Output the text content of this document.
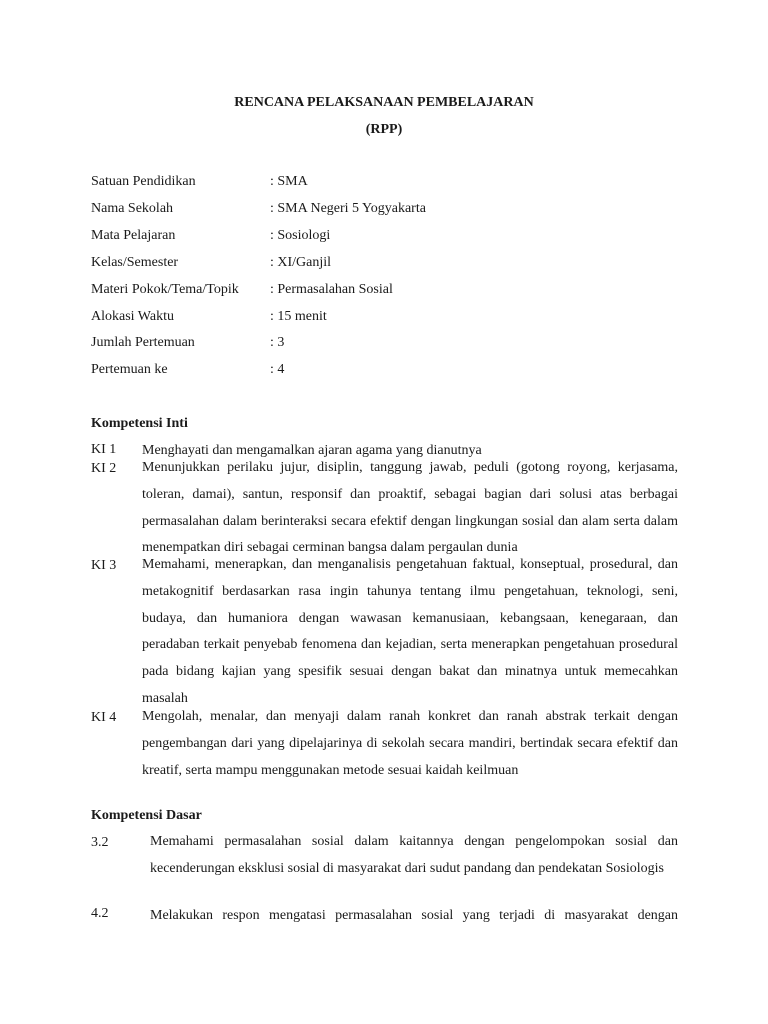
RENCANA PELAKSANAAN PEMBELAJARAN
(RPP)
Satuan Pendidikan	: SMA
Nama Sekolah	: SMA Negeri 5 Yogyakarta
Mata Pelajaran	: Sosiologi
Kelas/Semester	: XI/Ganjil
Materi Pokok/Tema/Topik : Permasalahan Sosial
Alokasi Waktu	: 15 menit
Jumlah Pertemuan	: 3
Pertemuan ke	: 4
Kompetensi Inti
KI 1 Menghayati dan mengamalkan ajaran agama yang dianutnya
KI 2 Menunjukkan perilaku jujur, disiplin, tanggung jawab, peduli (gotong royong, kerjasama, toleran, damai), santun, responsif dan proaktif, sebagai bagian dari solusi atas berbagai permasalahan dalam berinteraksi secara efektif dengan lingkungan sosial dan alam serta dalam menempatkan diri sebagai cerminan bangsa dalam pergaulan dunia
KI 3 Memahami, menerapkan, dan menganalisis pengetahuan faktual, konseptual, prosedural, dan metakognitif berdasarkan rasa ingin tahunya tentang ilmu pengetahuan, teknologi, seni, budaya, dan humaniora dengan wawasan kemanusiaan, kebangsaan, kenegaraan, dan peradaban terkait penyebab fenomena dan kejadian, serta menerapkan pengetahuan prosedural pada bidang kajian yang spesifik sesuai dengan bakat dan minatnya untuk memecahkan masalah
KI 4 Mengolah, menalar, dan menyaji dalam ranah konkret dan ranah abstrak terkait dengan pengembangan dari yang dipelajarinya di sekolah secara mandiri, bertindak secara efektif dan kreatif, serta mampu menggunakan metode sesuai kaidah keilmuan
Kompetensi Dasar
3.2	Memahami permasalahan sosial dalam kaitannya dengan pengelompokan sosial dan kecenderungan eksklusi sosial di masyarakat dari sudut pandang dan pendekatan Sosiologis
4.2	Melakukan respon mengatasi permasalahan sosial yang terjadi di masyarakat dengan
